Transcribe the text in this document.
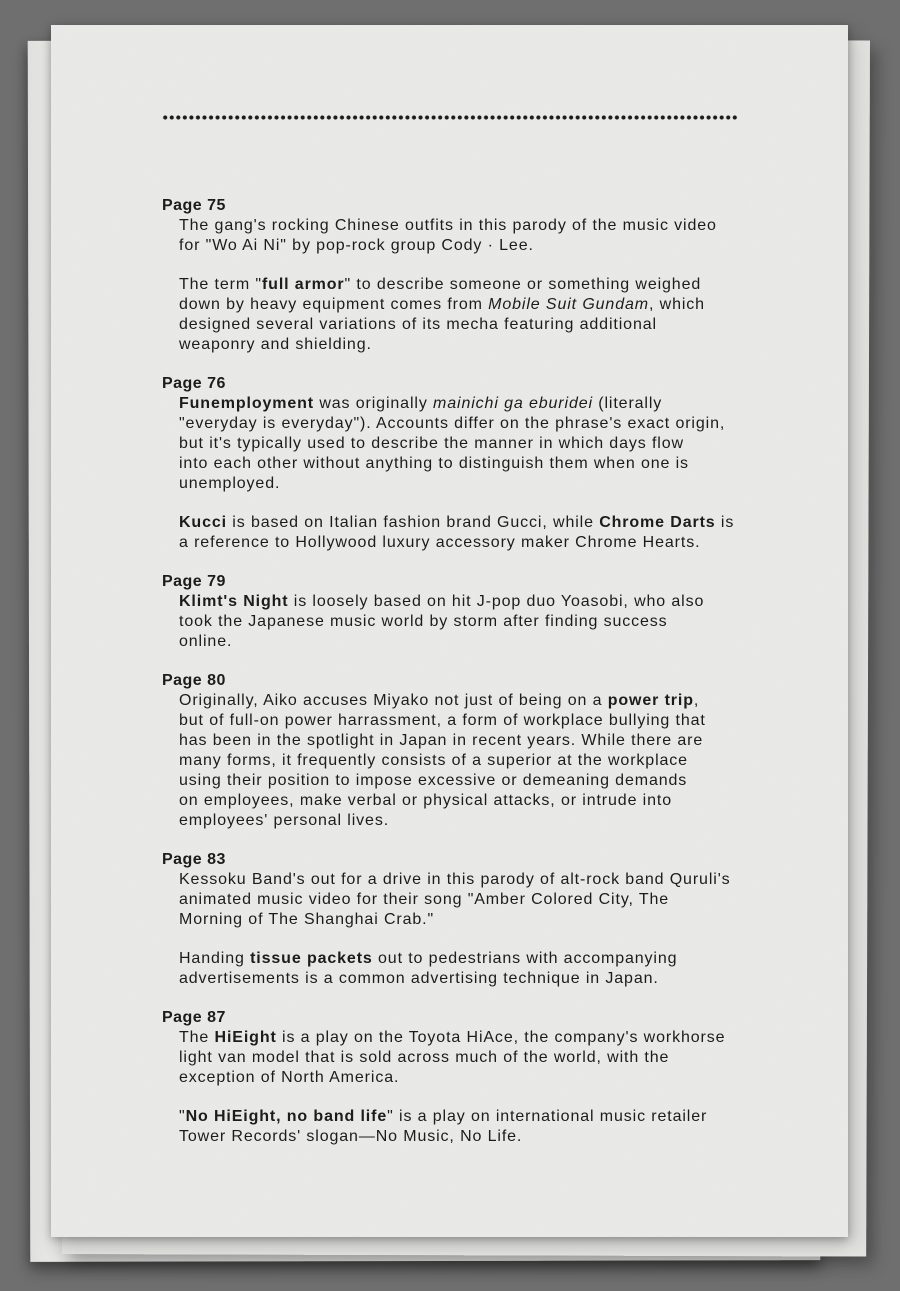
Page 75
The gang's rocking Chinese outfits in this parody of the music video
for "Wo Ai Ni" by pop-rock group Cody · Lee.
The term "full armor" to describe someone or something weighed
down by heavy equipment comes from Mobile Suit Gundam, which
designed several variations of its mecha featuring additional
weaponry and shielding.
Page 76
Funemployment was originally mainichi ga eburidei (literally
"everyday is everyday"). Accounts differ on the phrase's exact origin,
but it's typically used to describe the manner in which days flow
into each other without anything to distinguish them when one is
unemployed.
Kucci is based on Italian fashion brand Gucci, while Chrome Darts is
a reference to Hollywood luxury accessory maker Chrome Hearts.
Page 79
Klimt's Night is loosely based on hit J-pop duo Yoasobi, who also
took the Japanese music world by storm after finding success
online.
Page 80
Originally, Aiko accuses Miyako not just of being on a power trip,
but of full-on power harrassment, a form of workplace bullying that
has been in the spotlight in Japan in recent years. While there are
many forms, it frequently consists of a superior at the workplace
using their position to impose excessive or demeaning demands
on employees, make verbal or physical attacks, or intrude into
employees' personal lives.
Page 83
Kessoku Band's out for a drive in this parody of alt-rock band Quruli's
animated music video for their song "Amber Colored City, The
Morning of The Shanghai Crab."
Handing tissue packets out to pedestrians with accompanying
advertisements is a common advertising technique in Japan.
Page 87
The HiEight is a play on the Toyota HiAce, the company's workhorse
light van model that is sold across much of the world, with the
exception of North America.
"No HiEight, no band life" is a play on international music retailer
Tower Records' slogan—No Music, No Life.
